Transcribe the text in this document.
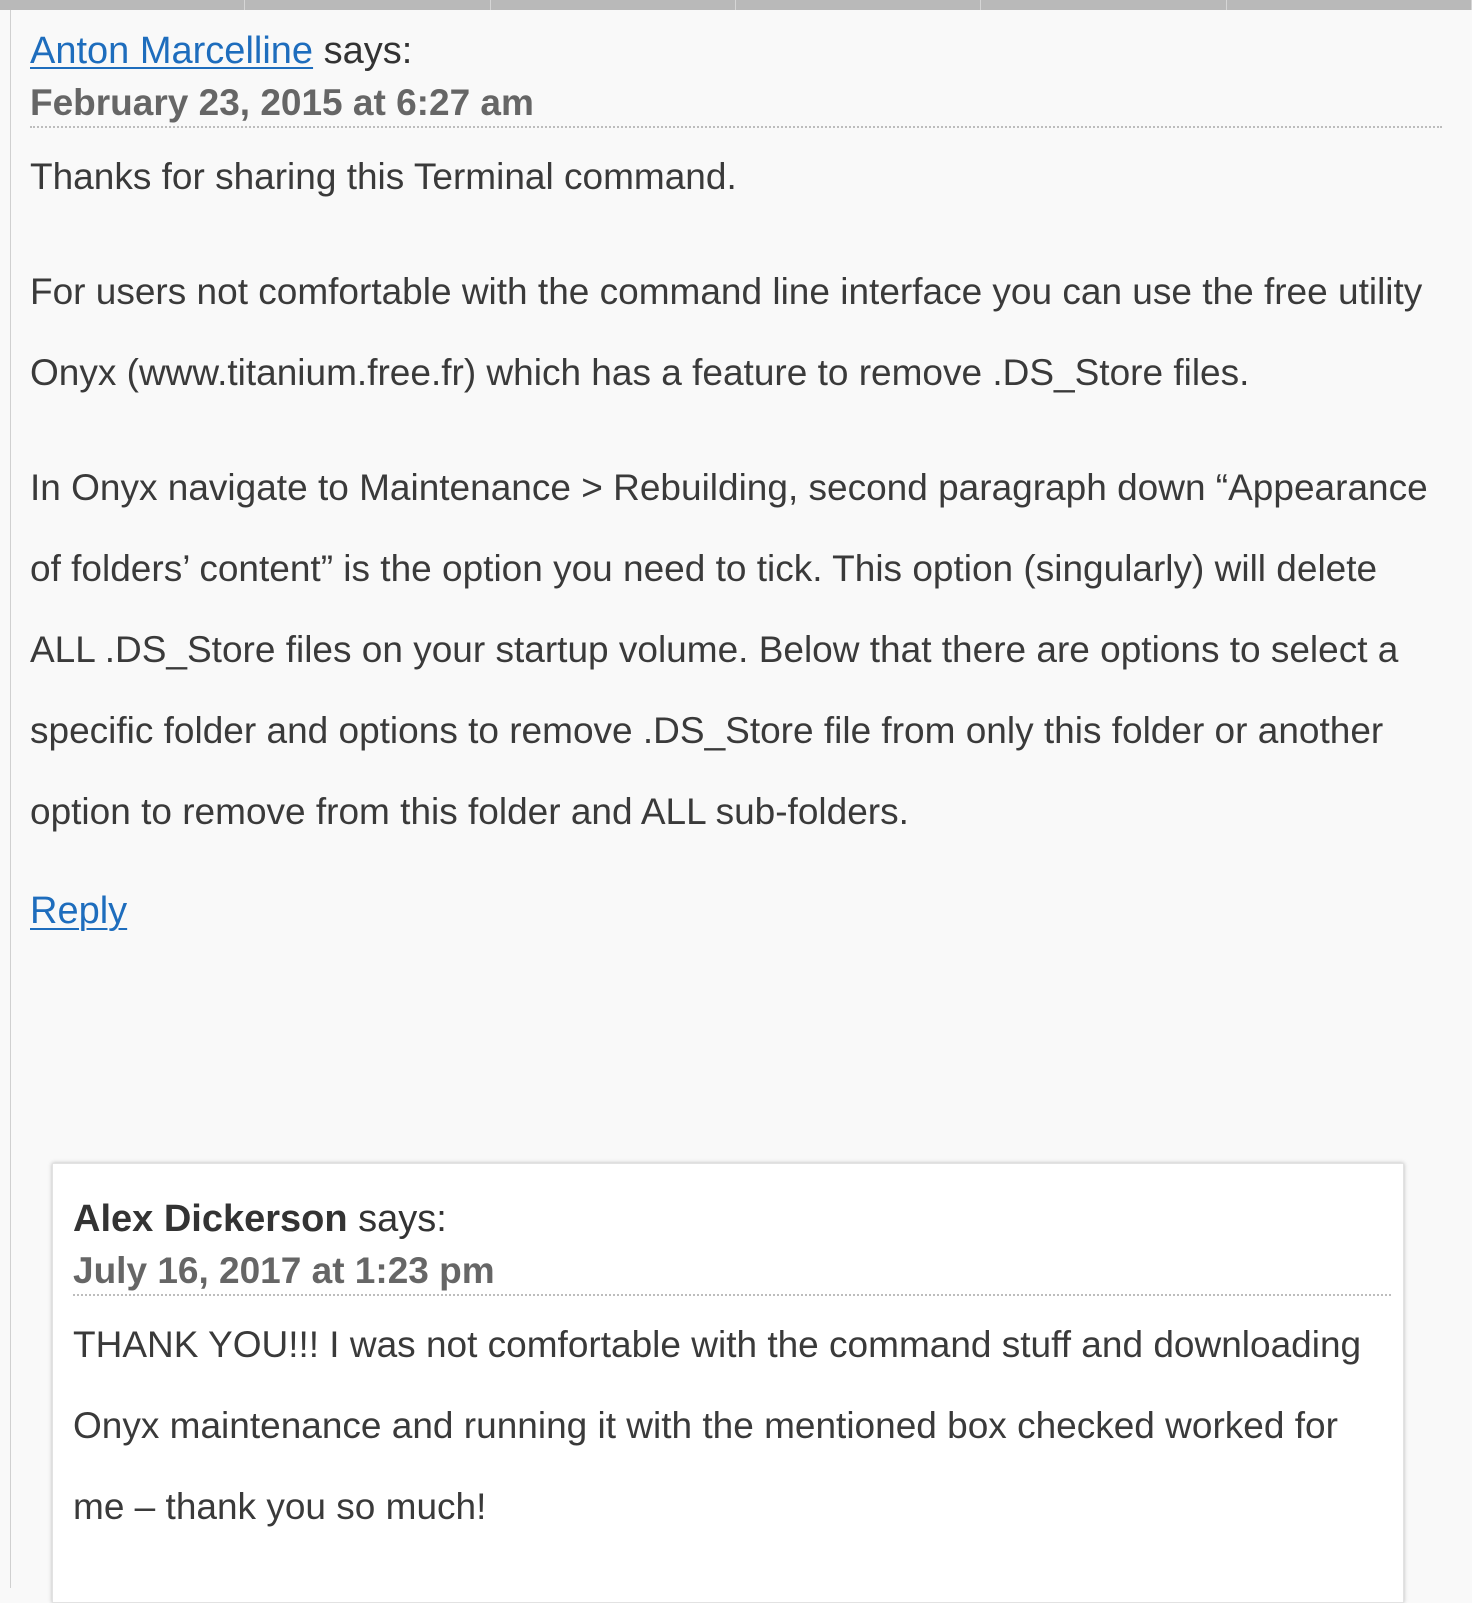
Anton Marcelline says:
February 23, 2015 at 6:27 am

Thanks for sharing this Terminal command.

For users not comfortable with the command line interface you can use the free utility Onyx (www.titanium.free.fr) which has a feature to remove .DS_Store files.

In Onyx navigate to Maintenance > Rebuilding, second paragraph down “Appearance of folders’ content” is the option you need to tick. This option (singularly) will delete ALL .DS_Store files on your startup volume. Below that there are options to select a specific folder and options to remove .DS_Store file from only this folder or another option to remove from this folder and ALL sub-folders.

Reply
Alex Dickerson says:
July 16, 2017 at 1:23 pm

THANK YOU!!! I was not comfortable with the command stuff and downloading Onyx maintenance and running it with the mentioned box checked worked for me – thank you so much!
